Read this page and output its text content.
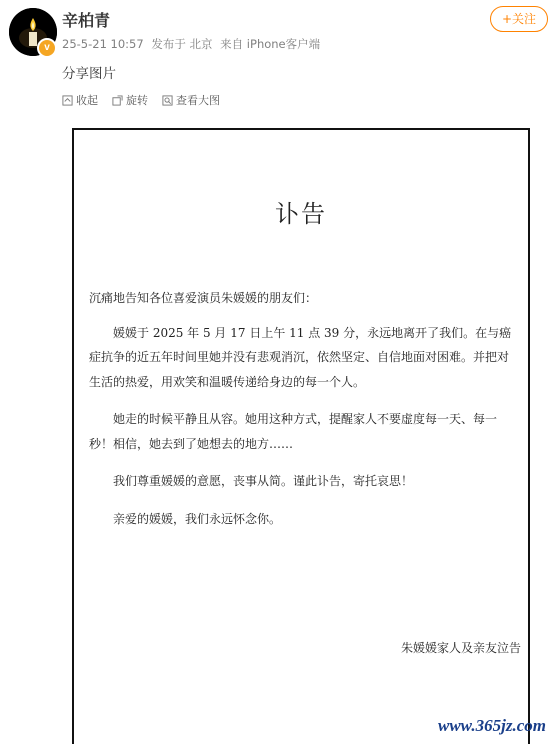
v
辛柏青
25-5-21 10:57 发布于 北京 来自 iPhone客户端
+关注
分享图片
收起	旋转	查看大图
讣告

沉痛地告知各位喜爱演员朱媛媛的朋友们：

媛媛于 2025 年 5 月 17 日上午 11 点 39 分，永远地离开了我们。在与癌症抗争的近五年时间里她并没有悲观消沉，依然坚定、自信地面对困难。并把对生活的热爱，用欢笑和温暖传递给身边的每一个人。

她走的时候平静且从容。她用这种方式，提醒家人不要虚度每一天、每一秒！相信，她去到了她想去的地方……

我们尊重媛媛的意愿，丧事从简。谨此讣告，寄托哀思！

亲爱的媛媛，我们永远怀念你。

朱媛媛家人及亲友泣告
www.365jz.com
